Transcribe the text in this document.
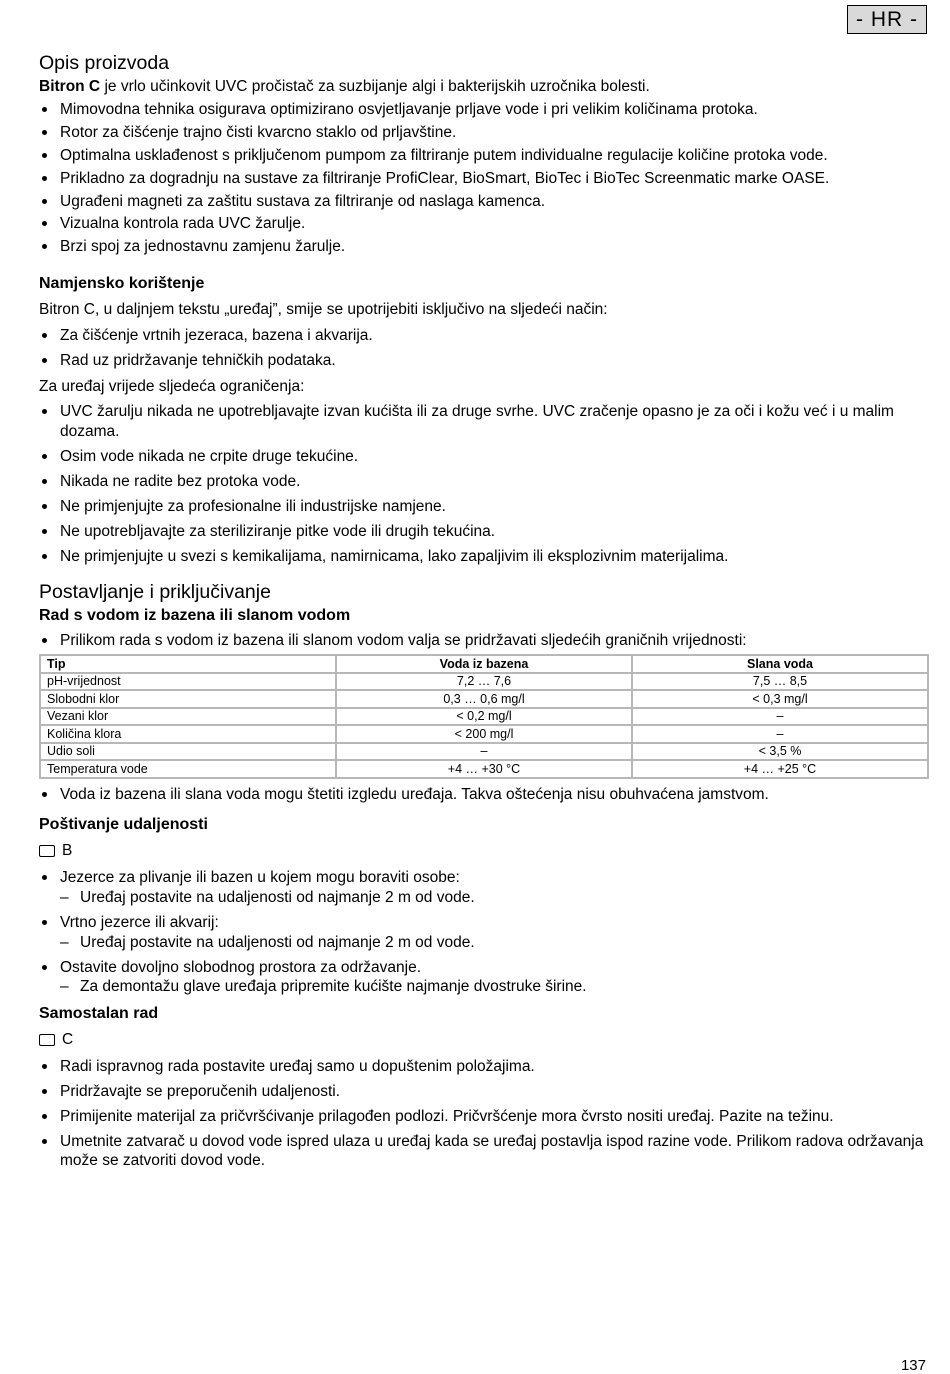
- HR -
Opis proizvoda

Bitron C je vrlo učinkovit UVC pročistač za suzbijanje algi i bakterijskih uzročnika bolesti.

Mimovodna tehnika osigurava optimizirano osvjetljavanje prljave vode i pri velikim količinama protoka.
Rotor za čišćenje trajno čisti kvarcno staklo od prljavštine.
Optimalna usklađenost s priključenom pumpom za filtriranje putem individualne regulacije količine protoka vode.
Prikladno za dogradnju na sustave za filtriranje ProfiClear, BioSmart, BioTec i BioTec Screenmatic marke OASE.
Ugrađeni magneti za zaštitu sustava za filtriranje od naslaga kamenca.
Vizualna kontrola rada UVC žarulje.
Brzi spoj za jednostavnu zamjenu žarulje.
Namjensko korištenje

Bitron C, u daljnjem tekstu „uređaj”, smije se upotrijebiti isključivo na sljedeći način:

Za čišćenje vrtnih jezeraca, bazena i akvarija.
Rad uz pridržavanje tehničkih podataka.

Za uređaj vrijede sljedeća ograničenja:

UVC žarulju nikada ne upotrebljavajte izvan kućišta ili za druge svrhe. UVC zračenje opasno je za oči i kožu već i u malim dozama.
Osim vode nikada ne crpite druge tekućine.
Nikada ne radite bez protoka vode.
Ne primjenjujte za profesionalne ili industrijske namjene.
Ne upotrebljavajte za steriliziranje pitke vode ili drugih tekućina.
Ne primjenjujte u svezi s kemikalijama, namirnicama, lako zapaljivim ili eksplozivnim materijalima.
Postavljanje i priključivanje
Rad s vodom iz bazena ili slanom vodom
Prilikom rada s vodom iz bazena ili slanom vodom valja se pridržavati sljedećih graničnih vrijednosti:
Tip	Voda iz bazena	Slana voda
pH-vrijednost	7,2 … 7,6	7,5 … 8,5
Slobodni klor	0,3 … 0,6 mg/l	< 0,3 mg/l
Vezani klor	< 0,2 mg/l	–
Količina klora	< 200 mg/l	–
Udio soli	–	< 3,5 %
Temperatura vode	+4 … +30 °C	+4 … +25 °C
Voda iz bazena ili slana voda mogu štetiti izgledu uređaja. Takva oštećenja nisu obuhvaćena jamstvom.
Poštivanje udaljenosti
B
Jezerce za plivanje ili bazen u kojem mogu boraviti osobe:
– Uređaj postavite na udaljenosti od najmanje 2 m od vode.
Vrtno jezerce ili akvarij:
– Uređaj postavite na udaljenosti od najmanje 2 m od vode.
Ostavite dovoljno slobodnog prostora za održavanje.
– Za demontažu glave uređaja pripremite kućište najmanje dvostruke širine.
Samostalan rad
C
Radi ispravnog rada postavite uređaj samo u dopuštenim položajima.
Pridržavajte se preporučenih udaljenosti.
Primijenite materijal za pričvršćivanje prilagođen podlozi. Pričvršćenje mora čvrsto nositi uređaj. Pazite na težinu.
Umetnite zatvarač u dovod vode ispred ulaza u uređaj kada se uređaj postavlja ispod razine vode. Prilikom radova održavanja može se zatvoriti dovod vode.
137
